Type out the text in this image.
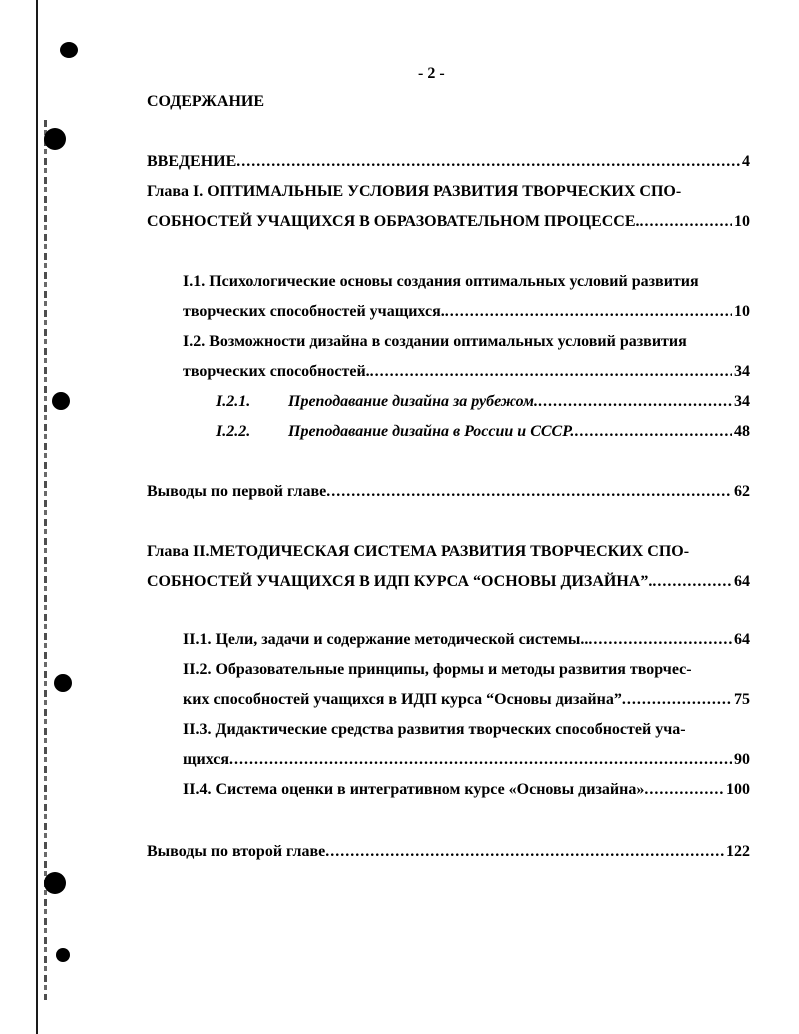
- 2 -
СОДЕРЖАНИЕ
ВВЕДЕНИЕ .....	4
Глава I. ОПТИМАЛЬНЫЕ УСЛОВИЯ РАЗВИТИЯ ТВОРЧЕСКИХ СПО-
СОБНОСТЕЙ УЧАЩИХСЯ В ОБРАЗОВАТЕЛЬНОМ ПРОЦЕССЕ. .....	10
I.1. Психологические основы создания оптимальных условий развития
творческих способностей учащихся. .....	10
I.2. Возможности дизайна в создании оптимальных условий развития
творческих способностей. .....	34
I.2.1. Преподавание дизайна за рубежом. .....	34
I.2.2. Преподавание дизайна в России и СССР. .....	48
Выводы по первой главе .....	62
Глава II.МЕТОДИЧЕСКАЯ СИСТЕМА РАЗВИТИЯ ТВОРЧЕСКИХ СПО-
СОБНОСТЕЙ УЧАЩИХСЯ В ИДП КУРСА “ОСНОВЫ ДИЗАЙНА”. .....	64
II.1. Цели, задачи и содержание методической системы.. .....	64
II.2. Образовательные принципы, формы и методы развития творчес-
ких способностей учащихся в ИДП курса “Основы дизайна” .....	75
II.3. Дидактические средства развития творческих способностей уча-
щихся .....	90
II.4. Система оценки в интегративном курсе «Основы дизайна» .....	100
Выводы по второй главе .....	122
